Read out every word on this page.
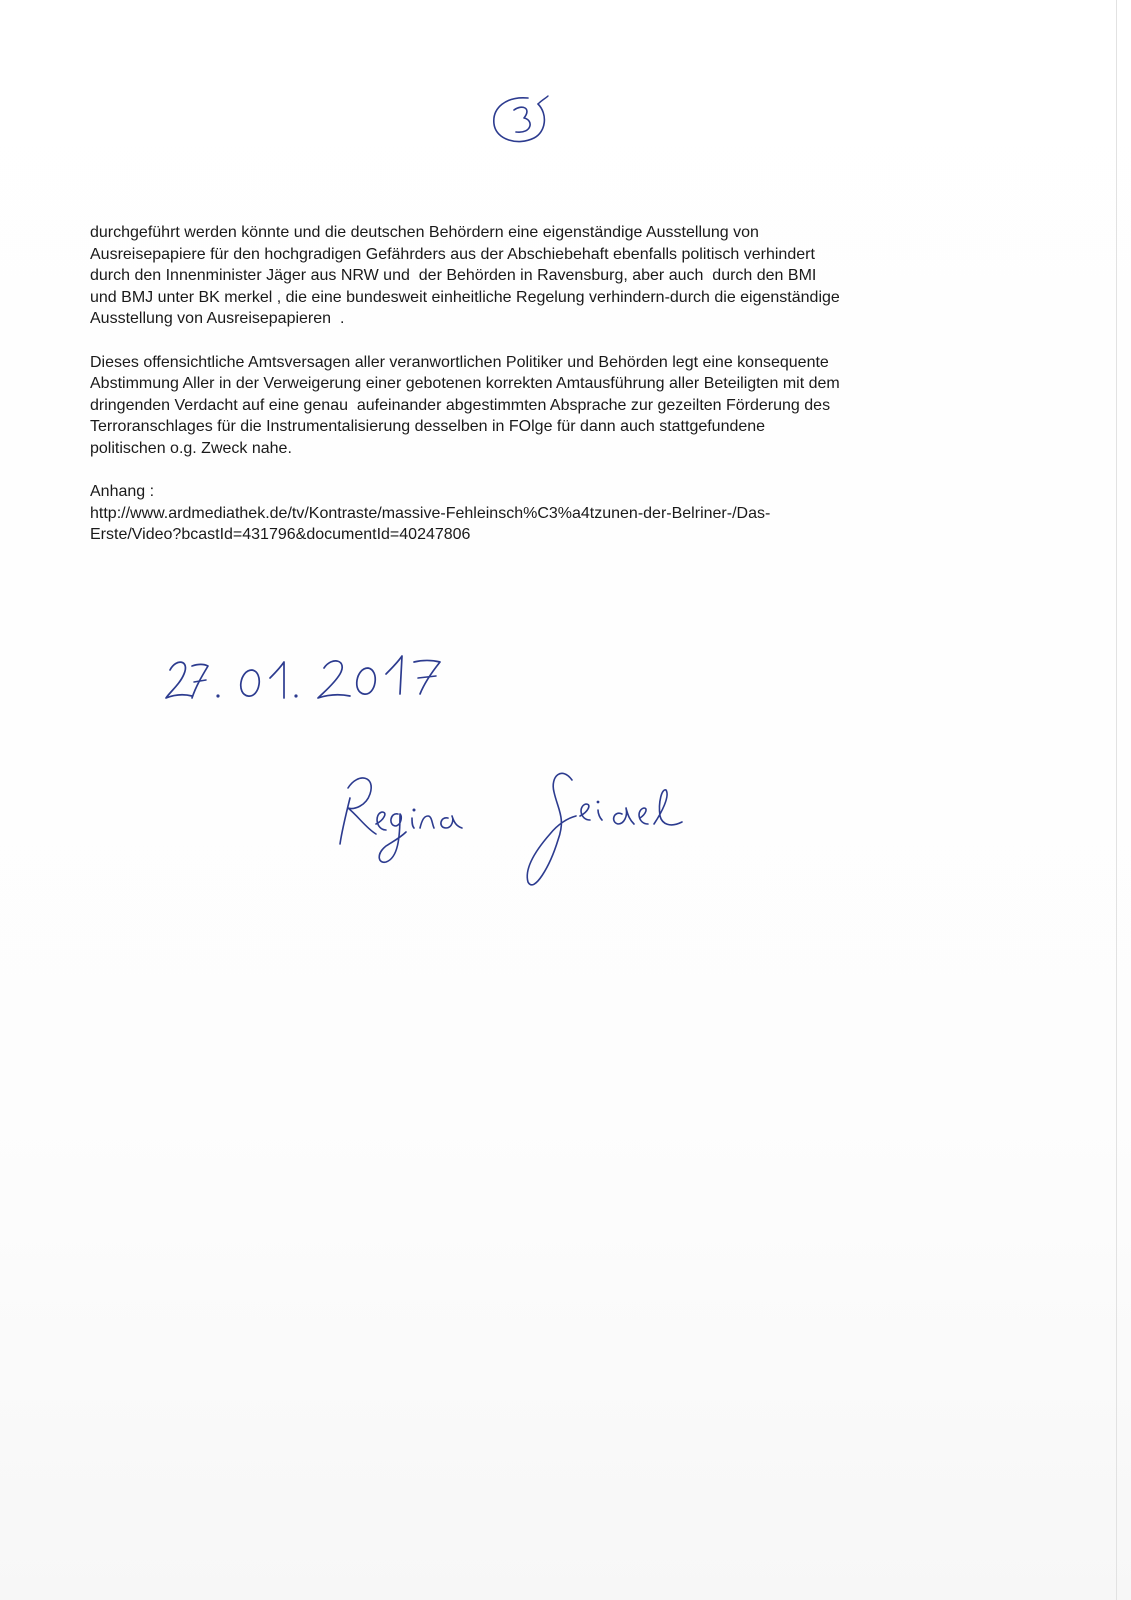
durchgeführt werden könnte und die deutschen Behördern eine eigenständige Ausstellung von
Ausreisepapiere für den hochgradigen Gefährders aus der Abschiebehaft ebenfalls politisch verhindert
durch den Innenminister Jäger aus NRW und  der Behörden in Ravensburg, aber auch  durch den BMI
und BMJ unter BK merkel , die eine bundesweit einheitliche Regelung verhindern-durch die eigenständige
Ausstellung von Ausreisepapieren  .

Dieses offensichtliche Amtsversagen aller veranwortlichen Politiker und Behörden legt eine konsequente
Abstimmung Aller in der Verweigerung einer gebotenen korrekten Amtausführung aller Beteiligten mit dem
dringenden Verdacht auf eine genau  aufeinander abgestimmten Absprache zur gezeilten Förderung des
Terroranschlages für die Instrumentalisierung desselben in FOlge für dann auch stattgefundene
politischen o.g. Zweck nahe.

Anhang :
http://www.ardmediathek.de/tv/Kontraste/massive-Fehleinsch%C3%a4tzunen-der-Belriner-/Das-
Erste/Video?bcastId=431796&documentId=40247806
